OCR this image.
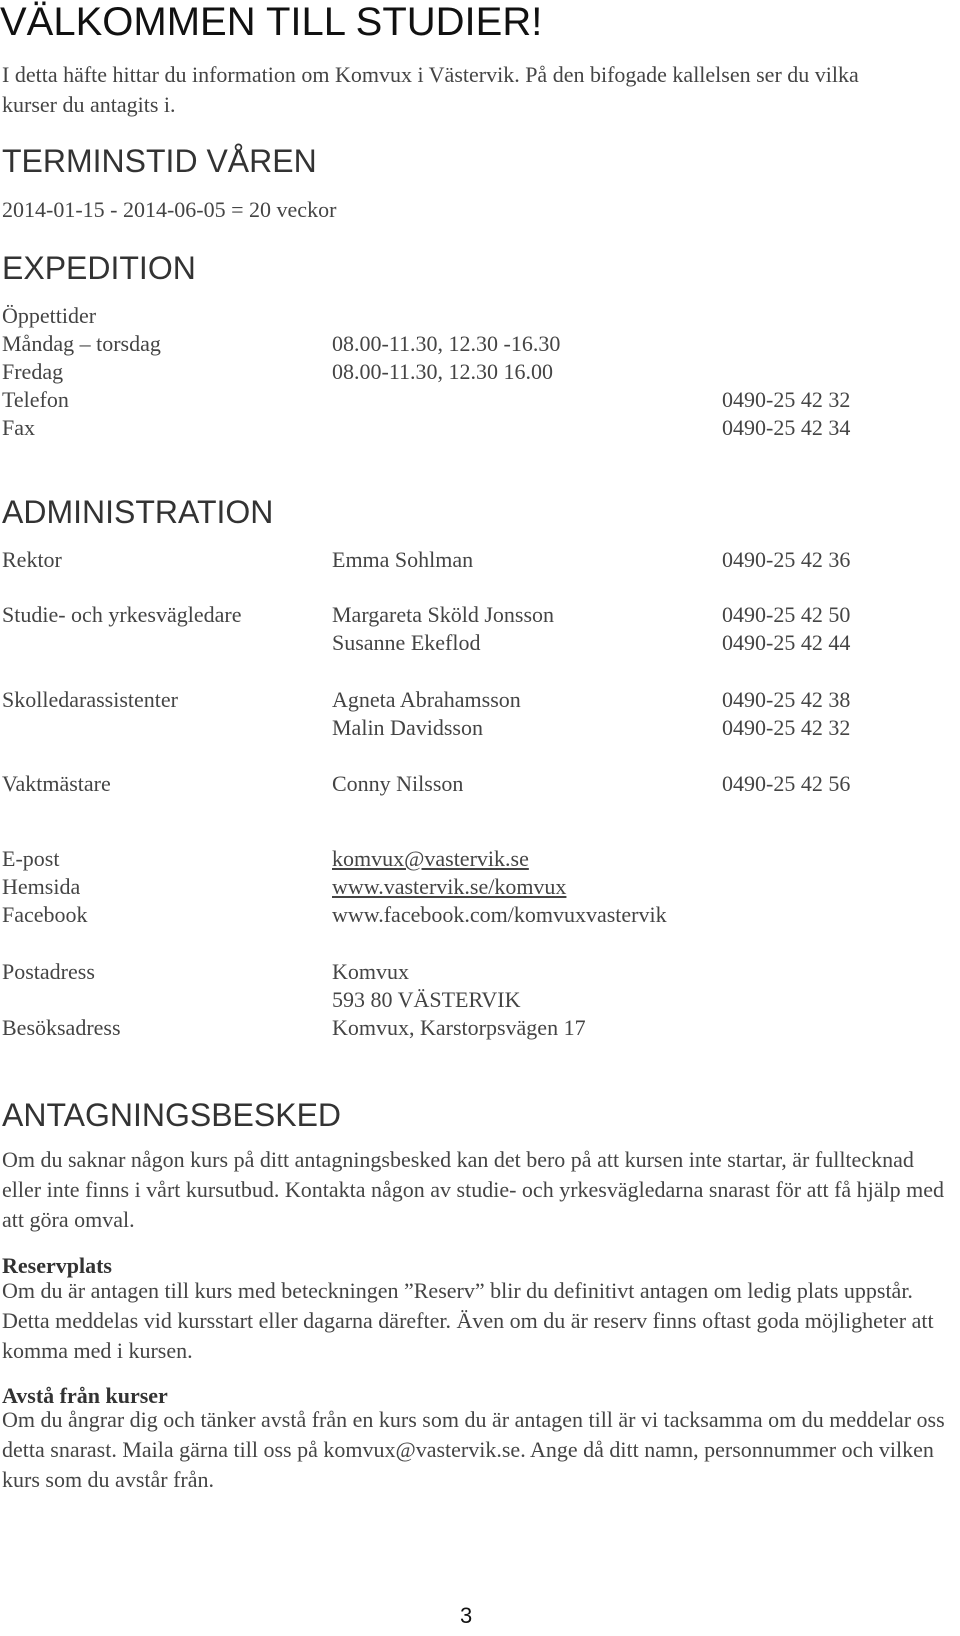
VÄLKOMMEN TILL STUDIER!
I detta häfte hittar du information om Komvux i Västervik. På den bifogade kallelsen ser du vilka kurser du antagits i.
TERMINSTID VÅREN
2014-01-15 - 2014-06-05 = 20 veckor
EXPEDITION
Öppettider
Måndag – torsdag	08.00-11.30, 12.30 -16.30
Fredag	08.00-11.30, 12.30 16.00
Telefon	0490-25 42 32
Fax	0490-25 42 34
ADMINISTRATION
Rektor	Emma Sohlman	0490-25 42 36
Studie- och yrkesvägledare	Margareta Sköld Jonsson	0490-25 42 50
Susanne Ekeflod	0490-25 42 44
Skolledarassistenter	Agneta Abrahamsson	0490-25 42 38
Malin Davidsson	0490-25 42 32
Vaktmästare	Conny Nilsson	0490-25 42 56
E-post	komvux@vastervik.se
Hemsida	www.vastervik.se/komvux
Facebook	www.facebook.com/komvuxvastervik
Postadress	Komvux
593 80 VÄSTERVIK
Besöksadress	Komvux, Karstorpsvägen 17
ANTAGNINGSBESKED
Om du saknar någon kurs på ditt antagningsbesked kan det bero på att kursen inte startar, är fulltecknad eller inte finns i vårt kursutbud. Kontakta någon av studie- och yrkesvägledarna snarast för att få hjälp med att göra omval.
Reservplats
Om du är antagen till kurs med beteckningen ”Reserv” blir du definitivt antagen om ledig plats uppstår. Detta meddelas vid kursstart eller dagarna därefter. Även om du är reserv finns oftast goda möjligheter att komma med i kursen.
Avstå från kurser
Om du ångrar dig och tänker avstå från en kurs som du är antagen till är vi tacksamma om du meddelar oss detta snarast. Maila gärna till oss på komvux@vastervik.se. Ange då ditt namn, personnummer och vilken kurs som du avstår från.
3
